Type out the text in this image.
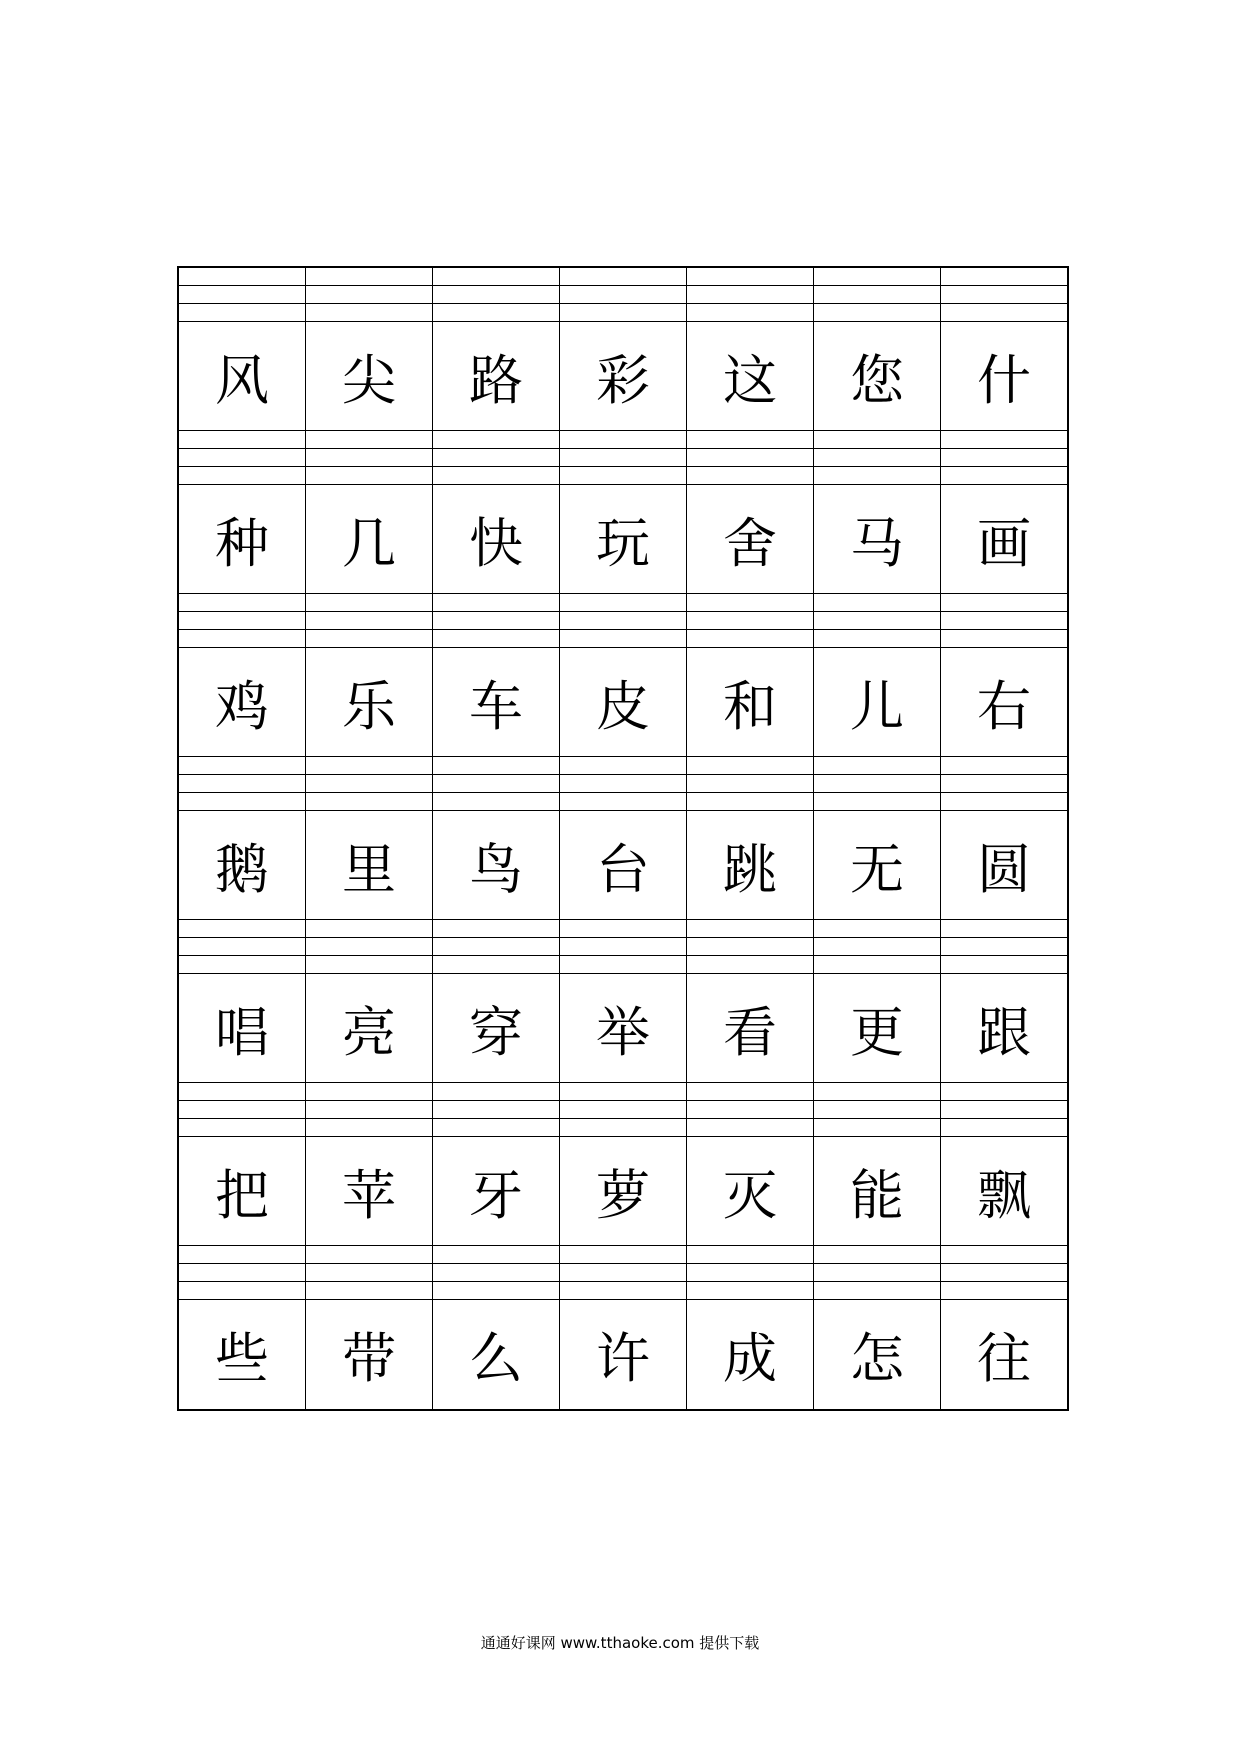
风	尖	路	彩	这	您	什
种	几	快	玩	舍	马	画
鸡	乐	车	皮	和	儿	右
鹅	里	鸟	台	跳	无	圆
唱	亮	穿	举	看	更	跟
把	苹	牙	萝	灭	能	飘
些	带	么	许	成	怎	往
通通好课网 www.tthaoke.com 提供下载
